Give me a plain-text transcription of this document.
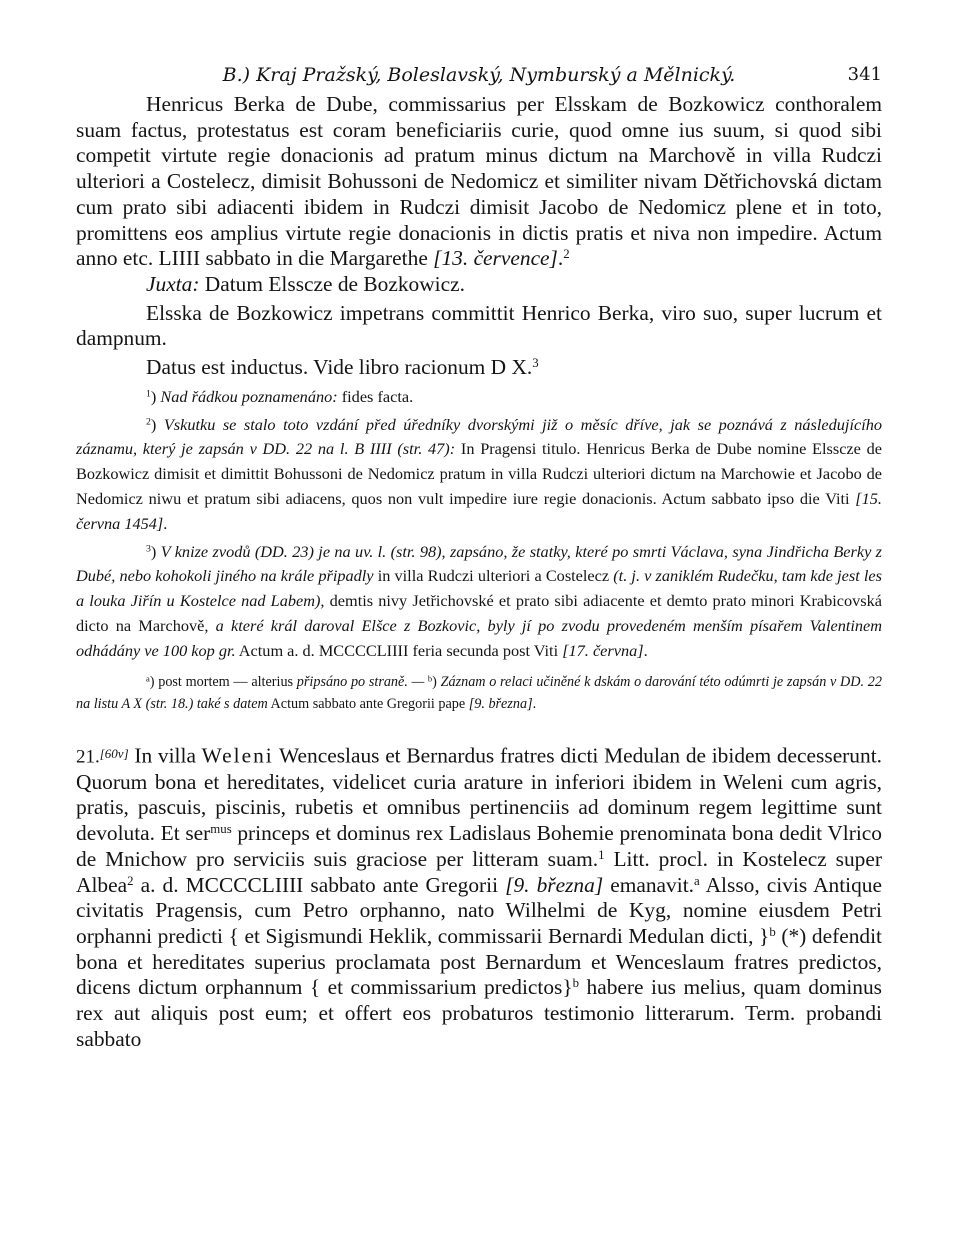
B.) Kraj Pražský, Boleslavský, Nymburský a Mělnický.	341

Henricus Berka de Dube, commissarius per Elsskam de Bozkowicz conthoralem suam factus, protestatus est coram beneficiariis curie, quod omne ius suum, si quod sibi competit virtute regie donacionis ad pratum minus dictum na Marchově in villa Rudczi ulteriori a Costelecz, dimisit Bohussoni de Nedomicz et similiter nivam Dětřichovská dictam cum prato sibi adiacenti ibidem in Rudczi dimisit Jacobo de Nedomicz plene et in toto, promittens eos amplius virtute regie donacionis in dictis pratis et niva non impedire. Actum anno etc. LIIII sabbato in die Margarethe [13. července].$^2$

Juxta: Datum Elsscze de Bozkowicz.

Elsska de Bozkowicz impetrans committit Henrico Berka, viro suo, super lucrum et dampnum.

Datus est inductus. Vide libro racionum D X.$^3$

$^1$) Nad řádkou poznamenáno: fides facta.

$^2$) Vskutku se stalo toto vzdání před úředníky dvorskými již o měsíc dříve, jak se poznává z následujícího záznamu, který je zapsán v DD. 22 na l. B IIII (str. 47): In Pragensi titulo. Henricus Berka de Dube nomine Elsscze de Bozkowicz dimisit et dimittit Bohussoni de Nedomicz pratum in villa Rudczi ulteriori dictum na Marchowie et Jacobo de Nedomicz niwu et pratum sibi adiacens, quos non vult impedire iure regie donacionis. Actum sabbato ipso die Viti [15. června 1454].

$^3$) V knize zvodů (DD. 23) je na uv. l. (str. 98), zapsáno, že statky, které po smrti Václava, syna Jindřicha Berky z Dubé, nebo kohokoli jiného na krále připadly in villa Rudczi ulteriori a Costelecz (t. j. v zaniklém Rudečku, tam kde jest les a louka Jiřín u Kostelce nad Labem), demtis nivy Jetřichovské et prato sibi adiacente et demto prato minori Krabicovská dicto na Marchově, a které král daroval Elšce z Bozkovic, byly jí po zvodu provedeném menším písařem Valentinem odhádány ve 100 kop gr. Actum a. d. MCCCCLIIII feria secunda post Viti [17. června].

$^a$) post mortem — alterius připsáno po straně. — $^b$) Záznam o relaci učiněné k dskám o darování této odúmrti je zapsán v DD. 22 na listu A X (str. 18.) také s datem Actum sabbato ante Gregorii pape [9. března].

21.[60v] In villa Weleni Wenceslaus et Bernardus fratres dicti Medulan de ibidem decesserunt. Quorum bona et hereditates, videlicet curia arature in inferiori ibidem in Weleni cum agris, pratis, pascuis, piscinis, rubetis et omnibus pertinenciis ad dominum regem legittime sunt devoluta. Et ser$^{mus}$ princeps et dominus rex Ladislaus Bohemie prenominata bona dedit Vlrico de Mnichow pro serviciis suis graciose per litteram suam.$^1$ Litt. procl. in Kostelecz super Albea$^2$ a. d. MCCCCLIIII sabbato ante Gregorii [9. března] emanavit.$^a$ Alsso, civis Antique civitatis Pragensis, cum Petro orphanno, nato Wilhelmi de Kyg, nomine eiusdem Petri orphanni predicti { et Sigismundi Heklik, commissarii Bernardi Medulan dicti, }$^b$ (*) defendit bona et hereditates superius proclamata post Bernardum et Wenceslaum fratres predictos, dicens dictum orphannum { et commissarium predictos}$^b$ habere ius melius, quam dominus rex aut aliquis post eum; et offert eos probaturos testimonio litterarum. Term. probandi sabbato
